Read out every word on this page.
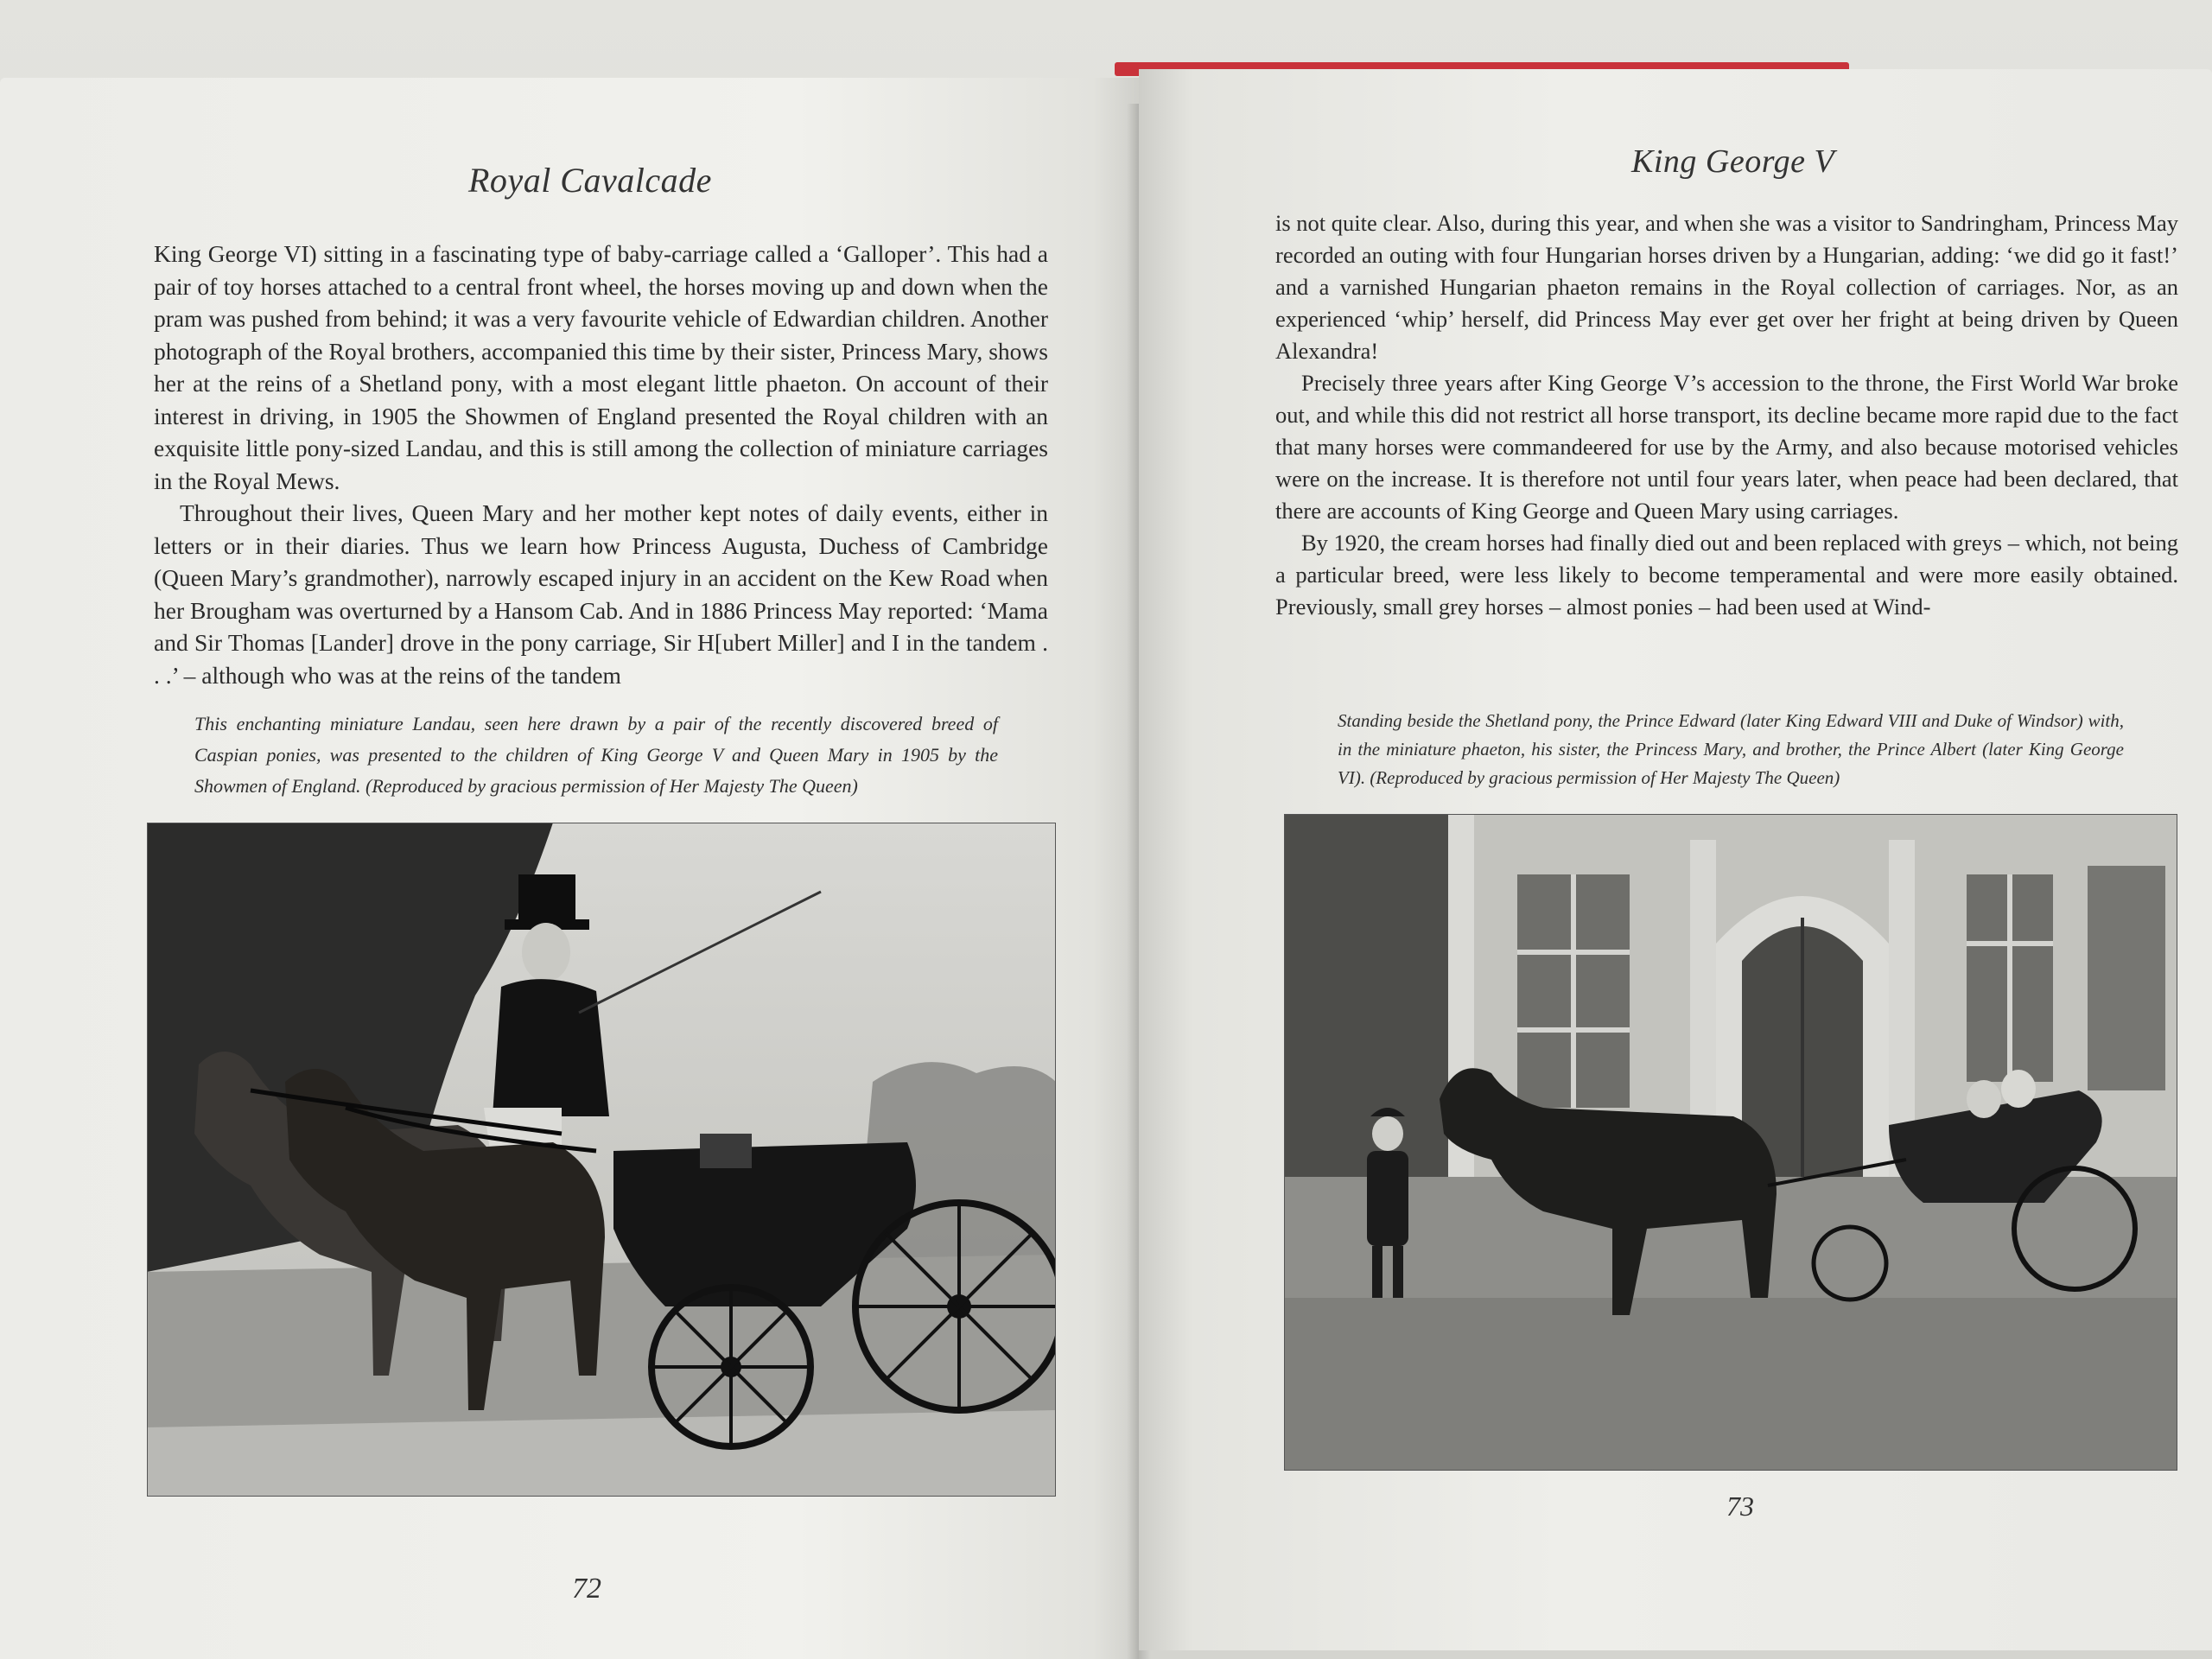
Royal Cavalcade

King George VI) sitting in a fascinating type of baby-carriage called a ‘Galloper’. This had a pair of toy horses attached to a central front wheel, the horses moving up and down when the pram was pushed from behind; it was a very favourite vehicle of Edwardian children. Another photograph of the Royal brothers, accompanied this time by their sister, Princess Mary, shows her at the reins of a Shetland pony, with a most elegant little phaeton. On account of their interest in driving, in 1905 the Showmen of England presented the Royal children with an exquisite little pony-sized Landau, and this is still among the collection of miniature carriages in the Royal Mews.

Throughout their lives, Queen Mary and her mother kept notes of daily events, either in letters or in their diaries. Thus we learn how Princess Augusta, Duchess of Cambridge (Queen Mary’s grandmother), narrowly escaped injury in an accident on the Kew Road when her Brougham was overturned by a Hansom Cab. And in 1886 Princess May reported: ‘Mama and Sir Thomas [Lander] drove in the pony carriage, Sir H[ubert Miller] and I in the tandem . . .’ – although who was at the reins of the tandem

This enchanting miniature Landau, seen here drawn by a pair of the recently discovered breed of Caspian ponies, was presented to the children of King George V and Queen Mary in 1905 by the Showmen of England. (Reproduced by gracious permission of Her Majesty The Queen)
72
King George V

is not quite clear. Also, during this year, and when she was a visitor to Sandringham, Princess May recorded an outing with four Hungarian horses driven by a Hungarian, adding: ‘we did go it fast!’ and a varnished Hungarian phaeton remains in the Royal collection of carriages. Nor, as an experienced ‘whip’ herself, did Princess May ever get over her fright at being driven by Queen Alexandra!

Precisely three years after King George V’s accession to the throne, the First World War broke out, and while this did not restrict all horse transport, its decline became more rapid due to the fact that many horses were commandeered for use by the Army, and also because motorised vehicles were on the increase. It is therefore not until four years later, when peace had been declared, that there are accounts of King George and Queen Mary using carriages.

By 1920, the cream horses had finally died out and been replaced with greys – which, not being a particular breed, were less likely to become temperamental and were more easily obtained. Previously, small grey horses – almost ponies – had been used at Wind-

Standing beside the Shetland pony, the Prince Edward (later King Edward VIII and Duke of Windsor) with, in the miniature phaeton, his sister, the Princess Mary, and brother, the Prince Albert (later King George VI). (Reproduced by gracious permission of Her Majesty The Queen)
73
